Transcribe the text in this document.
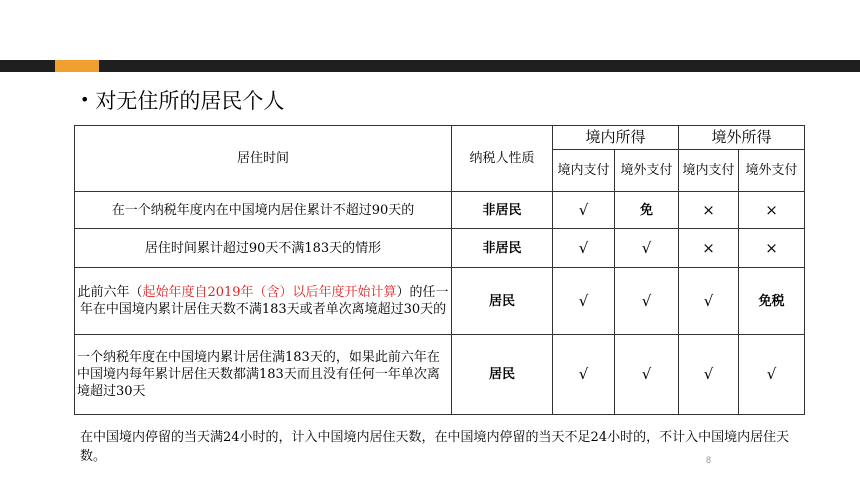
• 对无住所的居民个人
居住时间	纳税人性质	境内所得		境外所得	
		境内支付	境外支付	境内支付	境外支付
在一个纳税年度内在中国境内居住累计不超过90天的	非居民	√	免	×	×
居住时间累计超过90天不满183天的情形	非居民	√	√	×	×
此前六年（起始年度自2019年（含）以后年度开始计算）的任一年在中国境内累计居住天数不满183天或者单次离境超过30天的	居民	√	√	√	免税
一个纳税年度在中国境内累计居住满183天的，如果此前六年在中国境内每年累计居住天数都满183天而且没有任何一年单次离境超过30天	居民	√	√	√	√
在中国境内停留的当天满24小时的，计入中国境内居住天数，在中国境内停留的当天不足24小时的，不计入中国境内居住天数。	8
